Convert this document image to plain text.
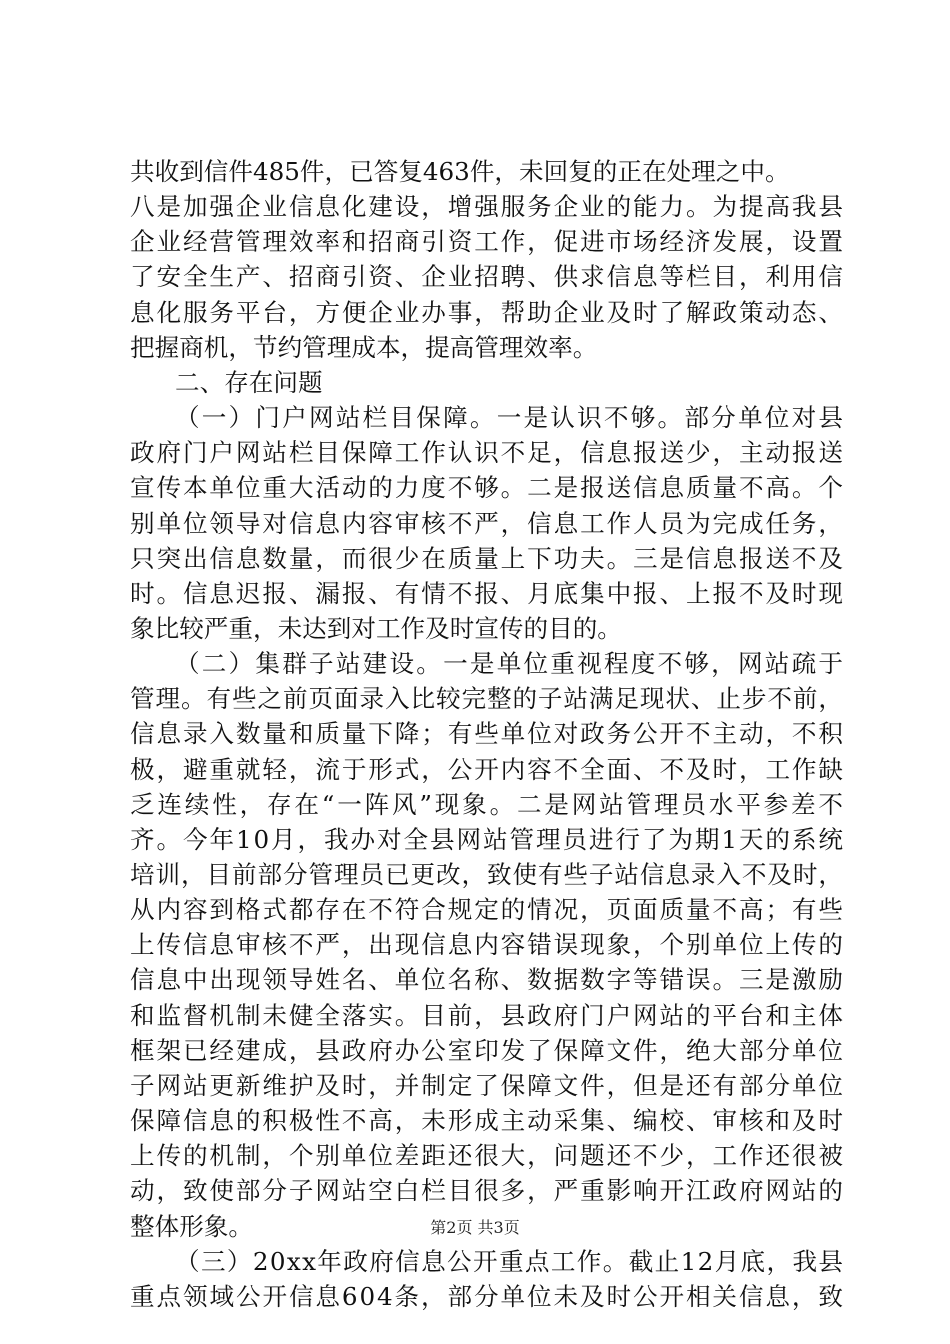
共收到信件485件，已答复463件，未回复的正在处理之中。
八是加强企业信息化建设，增强服务企业的能力。为提高我县
企业经营管理效率和招商引资工作，促进市场经济发展，设置
了安全生产、招商引资、企业招聘、供求信息等栏目，利用信
息化服务平台，方便企业办事，帮助企业及时了解政策动态、
把握商机，节约管理成本，提高管理效率。
二、存在问题
（一）门户网站栏目保障。一是认识不够。部分单位对县
政府门户网站栏目保障工作认识不足，信息报送少，主动报送
宣传本单位重大活动的力度不够。二是报送信息质量不高。个
别单位领导对信息内容审核不严，信息工作人员为完成任务，
只突出信息数量，而很少在质量上下功夫。三是信息报送不及
时。信息迟报、漏报、有情不报、月底集中报、上报不及时现
象比较严重，未达到对工作及时宣传的目的。
（二）集群子站建设。一是单位重视程度不够，网站疏于
管理。有些之前页面录入比较完整的子站满足现状、止步不前，
信息录入数量和质量下降；有些单位对政务公开不主动，不积
极，避重就轻，流于形式，公开内容不全面、不及时，工作缺
乏连续性，存在“一阵风”现象。二是网站管理员水平参差不
齐。今年10月，我办对全县网站管理员进行了为期1天的系统
培训，目前部分管理员已更改，致使有些子站信息录入不及时，
从内容到格式都存在不符合规定的情况，页面质量不高；有些
上传信息审核不严，出现信息内容错误现象，个别单位上传的
信息中出现领导姓名、单位名称、数据数字等错误。三是激励
和监督机制未健全落实。目前，县政府门户网站的平台和主体
框架已经建成，县政府办公室印发了保障文件，绝大部分单位
子网站更新维护及时，并制定了保障文件，但是还有部分单位
保障信息的积极性不高，未形成主动采集、编校、审核和及时
上传的机制，个别单位差距还很大，问题还不少，工作还很被
动，致使部分子网站空白栏目很多，严重影响开江政府网站的
整体形象。
（三）20xx年政府信息公开重点工作。截止12月底，我县
重点领域公开信息604条，部分单位未及时公开相关信息，致
第2页 共3页
